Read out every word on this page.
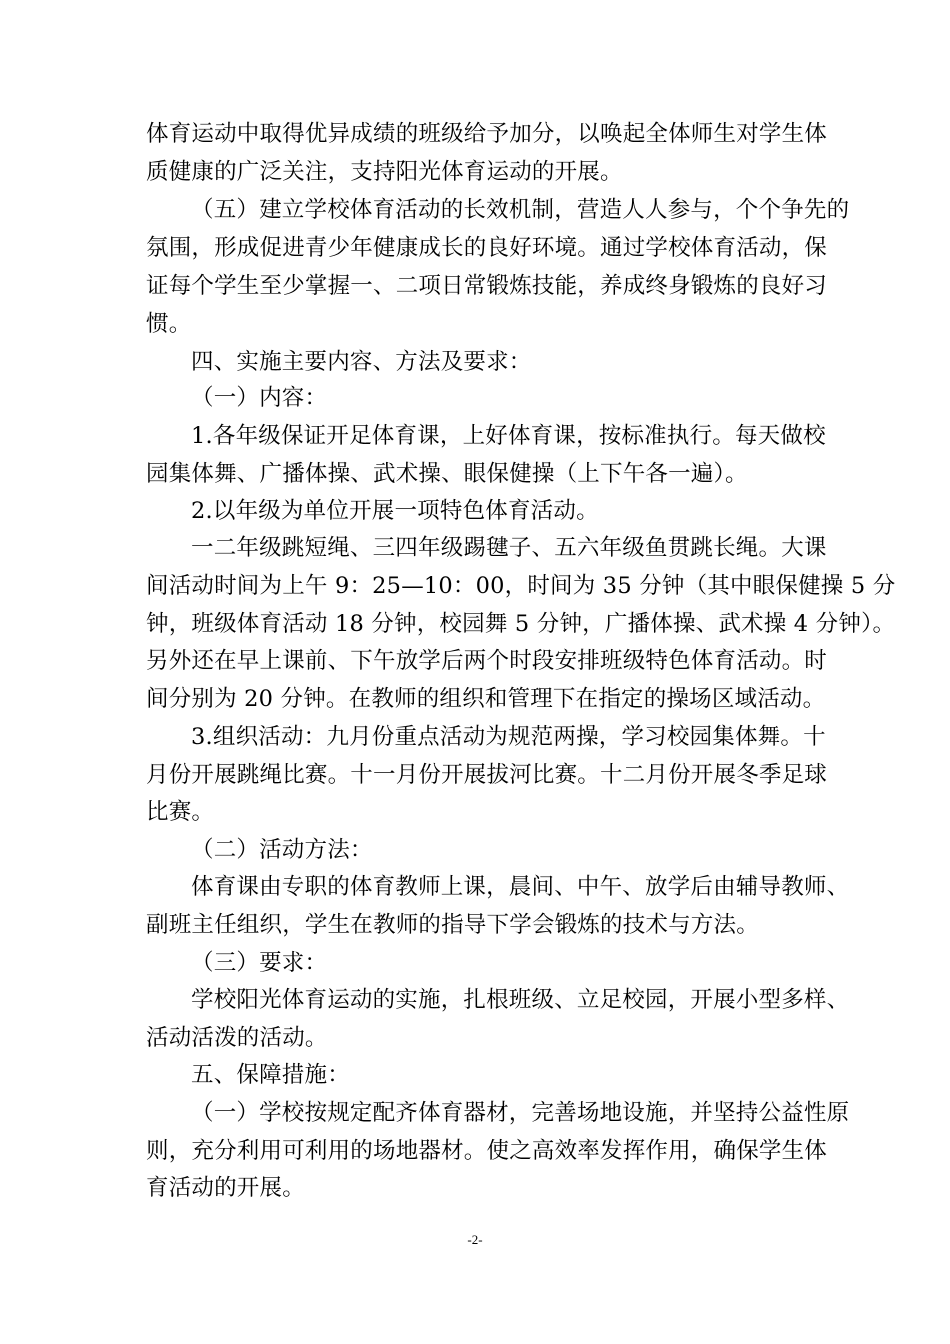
体育运动中取得优异成绩的班级给予加分，以唤起全体师生对学生体
质健康的广泛关注，支持阳光体育运动的开展。
（五）建立学校体育活动的长效机制，营造人人参与，个个争先的
氛围，形成促进青少年健康成长的良好环境。通过学校体育活动，保
证每个学生至少掌握一、二项日常锻炼技能，养成终身锻炼的良好习
惯。
四、实施主要内容、方法及要求：
（一）内容：
1.各年级保证开足体育课，上好体育课，按标准执行。每天做校
园集体舞、广播体操、武术操、眼保健操（上下午各一遍）。
2.以年级为单位开展一项特色体育活动。
一二年级跳短绳、三四年级踢毽子、五六年级鱼贯跳长绳。大课
间活动时间为上午 9：25—10：00，时间为 35 分钟（其中眼保健操 5 分
钟，班级体育活动 18 分钟，校园舞 5 分钟，广播体操、武术操 4 分钟）。
另外还在早上课前、下午放学后两个时段安排班级特色体育活动。时
间分别为 20 分钟。在教师的组织和管理下在指定的操场区域活动。
3.组织活动：九月份重点活动为规范两操，学习校园集体舞。十
月份开展跳绳比赛。十一月份开展拔河比赛。十二月份开展冬季足球
比赛。
（二）活动方法：
体育课由专职的体育教师上课，晨间、中午、放学后由辅导教师、
副班主任组织，学生在教师的指导下学会锻炼的技术与方法。
（三）要求：
学校阳光体育运动的实施，扎根班级、立足校园，开展小型多样、
活动活泼的活动。
五、保障措施：
（一）学校按规定配齐体育器材，完善场地设施，并坚持公益性原
则，充分利用可利用的场地器材。使之高效率发挥作用，确保学生体
育活动的开展。
-2-
